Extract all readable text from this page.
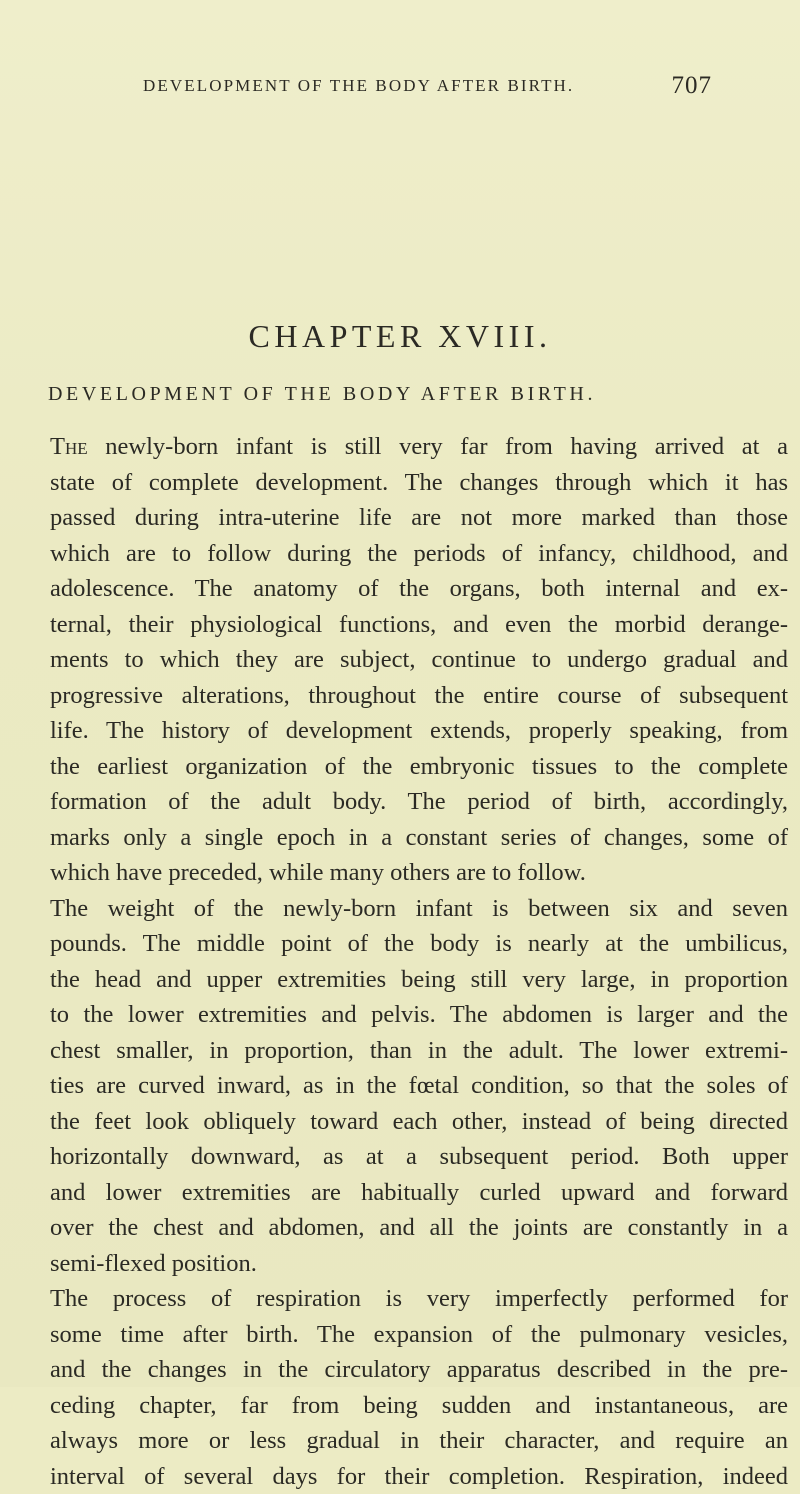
DEVELOPMENT OF THE BODY AFTER BIRTH.	707
CHAPTER XVIII.
DEVELOPMENT OF THE BODY AFTER BIRTH.
The newly-born infant is still very far from having arrived at a
state of complete development. The changes through which it has
passed during intra-uterine life are not more marked than those
which are to follow during the periods of infancy, childhood, and
adolescence. The anatomy of the organs, both internal and ex-
ternal, their physiological functions, and even the morbid derange-
ments to which they are subject, continue to undergo gradual and
progressive alterations, throughout the entire course of subsequent
life. The history of development extends, properly speaking, from
the earliest organization of the embryonic tissues to the complete
formation of the adult body. The period of birth, accordingly,
marks only a single epoch in a constant series of changes, some of
which have preceded, while many others are to follow.
The weight of the newly-born infant is between six and seven
pounds. The middle point of the body is nearly at the umbilicus,
the head and upper extremities being still very large, in proportion
to the lower extremities and pelvis. The abdomen is larger and the
chest smaller, in proportion, than in the adult. The lower extremi-
ties are curved inward, as in the fœtal condition, so that the soles of
the feet look obliquely toward each other, instead of being directed
horizontally downward, as at a subsequent period. Both upper
and lower extremities are habitually curled upward and forward
over the chest and abdomen, and all the joints are constantly in a
semi-flexed position.
The process of respiration is very imperfectly performed for
some time after birth. The expansion of the pulmonary vesicles,
and the changes in the circulatory apparatus described in the pre-
ceding chapter, far from being sudden and instantaneous, are
always more or less gradual in their character, and require an
interval of several days for their completion. Respiration, indeed
